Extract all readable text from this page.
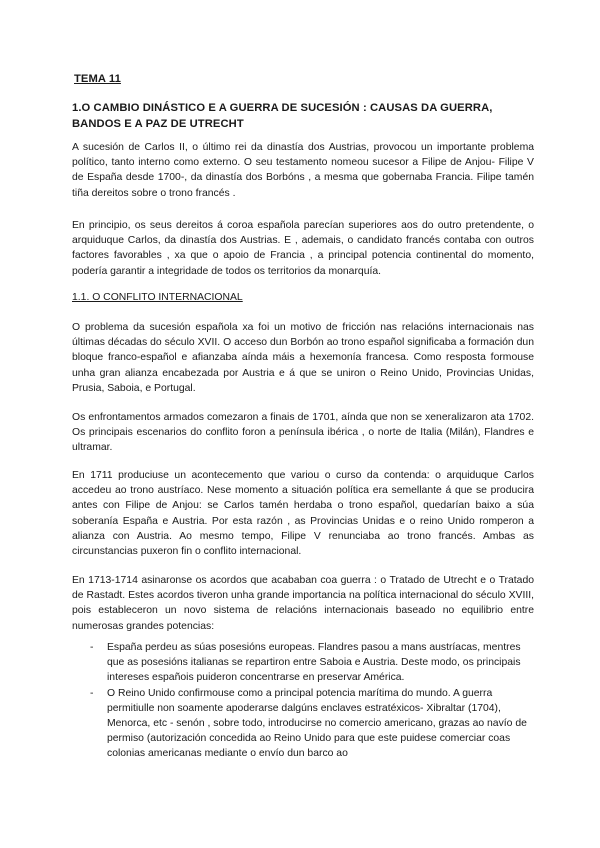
TEMA 11
1.O CAMBIO DINÁSTICO E A GUERRA DE SUCESIÓN : CAUSAS DA GUERRA, BANDOS E A PAZ DE UTRECHT

A sucesión de Carlos II, o último rei da dinastía dos Austrias, provocou un importante problema político, tanto interno como externo. O seu testamento nomeou sucesor a Filipe de Anjou- Filipe V de España desde 1700-, da dinastía dos Borbóns , a mesma que gobernaba Francia. Filipe tamén tiña dereitos sobre o trono francés .

En principio, os seus dereitos á coroa española parecían superiores aos do outro pretendente, o arquiduque Carlos, da dinastía dos Austrias. E , ademais, o candidato francés contaba con outros factores favorables , xa que o apoio de Francia , a principal potencia continental do momento, podería garantir a integridade de todos os territorios da monarquía.

1.1. O CONFLITO INTERNACIONAL

O problema da sucesión española xa foi un motivo de fricción nas relacións internacionais nas últimas décadas do século XVII. O acceso dun Borbón ao trono español significaba a formación dun bloque franco-español e afianzaba aínda máis a hexemonía francesa. Como resposta formouse unha gran alianza encabezada por Austria e á que se uniron o Reino Unido, Provincias Unidas, Prusia, Saboia, e Portugal.

Os enfrontamentos armados comezaron a finais de 1701, aínda que non se xeneralizaron ata 1702. Os principais escenarios do conflito foron a península ibérica , o norte de Italia (Milán), Flandres e ultramar.

En 1711 produciuse un acontecemento que variou o curso da contenda: o arquiduque Carlos accedeu ao trono austríaco. Nese momento a situación política era semellante á que se producira antes con Filipe de Anjou: se Carlos tamén herdaba o trono español, quedarían baixo a súa soberanía España e Austria. Por esta razón , as Provincias Unidas e o reino Unido romperon a alianza con Austria. Ao mesmo tempo, Filipe V renunciaba ao trono francés. Ambas as circunstancias puxeron fin o conflito internacional.

En 1713-1714 asinaronse os acordos que acababan coa guerra : o Tratado de Utrecht e o Tratado de Rastadt. Estes acordos tiveron unha grande importancia na política internacional do século XVIII, pois estableceron un novo sistema de relacións internacionais baseado no equilibrio entre numerosas grandes potencias:

- España perdeu as súas posesións europeas. Flandres pasou a mans austríacas, mentres que as posesións italianas se repartiron entre Saboia e Austria. Deste modo, os principais intereses españois puideron concentrarse en preservar América.
- O Reino Unido confirmouse como a principal potencia marítima do mundo. A guerra permitiulle non soamente apoderarse dalgúns enclaves estratéxicos- Xibraltar (1704), Menorca, etc - senón , sobre todo, introducirse no comercio americano, grazas ao navío de permiso (autorización concedida ao Reino Unido para que este puidese comerciar coas colonias americanas mediante o envío dun barco ao
